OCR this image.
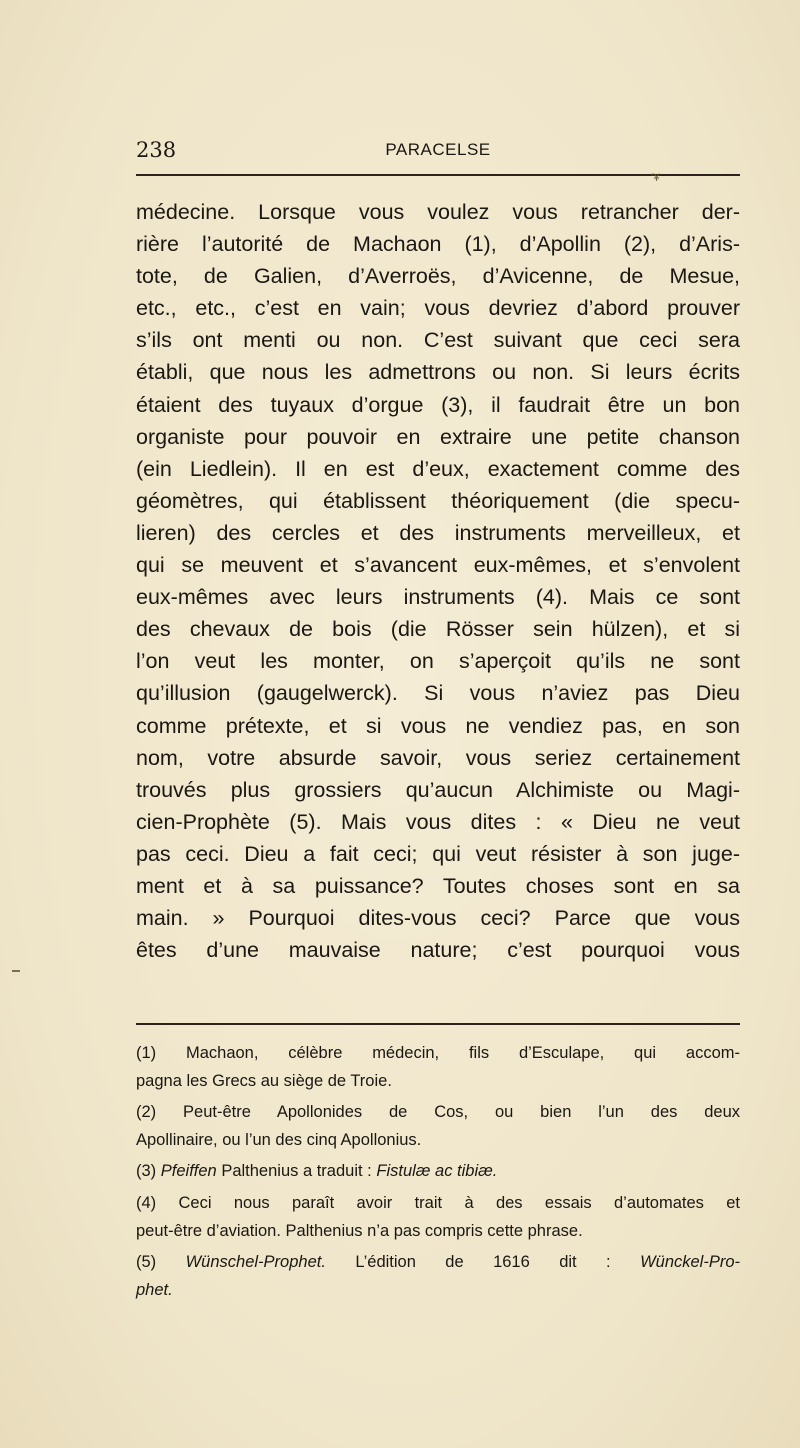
238	PARACELSE
ʻ¥
médecine. Lorsque vous voulez vous retrancher der-
rière l’autorité de Machaon (1), d’Apollin (2), d’Aris-
tote, de Galien, d’Averroës, d’Avicenne, de Mesue,
etc., etc., c’est en vain; vous devriez d’abord prouver
s’ils ont menti ou non. C’est suivant que ceci sera
établi, que nous les admettrons ou non. Si leurs écrits
étaient des tuyaux d’orgue (3), il faudrait être un bon
organiste pour pouvoir en extraire une petite chanson
(ein Liedlein). Il en est d’eux, exactement comme des
géomètres, qui établissent théoriquement (die specu-
lieren) des cercles et des instruments merveilleux, et
qui se meuvent et s’avancent eux-mêmes, et s’envolent
eux-mêmes avec leurs instruments (4). Mais ce sont
des chevaux de bois (die Rösser sein hülzen), et si
l’on veut les monter, on s’aperçoit qu’ils ne sont
qu’illusion (gaugelwerck). Si vous n’aviez pas Dieu
comme prétexte, et si vous ne vendiez pas, en son
nom, votre absurde savoir, vous seriez certainement
trouvés plus grossiers qu’aucun Alchimiste ou Magi-
cien-Prophète (5). Mais vous dites : « Dieu ne veut
pas ceci. Dieu a fait ceci; qui veut résister à son juge-
ment et à sa puissance? Toutes choses sont en sa
main. » Pourquoi dites-vous ceci? Parce que vous
êtes d’une mauvaise nature; c’est pourquoi vous
(1) Machaon, célèbre médecin, fils d’Esculape, qui accom-
pagna les Grecs au siège de Troie.
(2) Peut-être Apollonides de Cos, ou bien l’un des deux
Apollinaire, ou l’un des cinq Apollonius.
(3) Pfeiffen Palthenius a traduit : Fistulæ ac tibiæ.
(4) Ceci nous paraît avoir trait à des essais d’automates et
peut-être d’aviation. Palthenius n’a pas compris cette phrase.
(5) Wünschel-Prophet. L’édition de 1616 dit : Wünckel-Pro-
phet.
